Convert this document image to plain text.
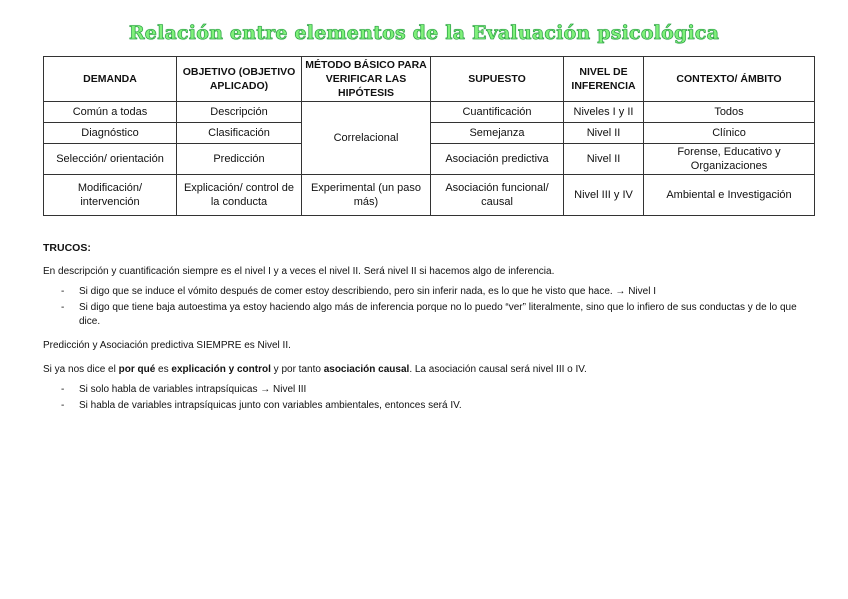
Relación entre elementos de la Evaluación psicológica
DEMANDA	OBJETIVO (OBJETIVO APLICADO)	MÉTODO BÁSICO PARA VERIFICAR LAS HIPÓTESIS	SUPUESTO	NIVEL DE INFERENCIA	CONTEXTO/ ÁMBITO
Común a todas	Descripción	Correlacional	Cuantificación	Niveles I y II	Todos
Diagnóstico	Clasificación		Semejanza	Nivel II	Clínico
Selección/ orientación	Predicción		Asociación predictiva	Nivel II	Forense, Educativo y Organizaciones
Modificación/ intervención	Explicación/ control de la conducta	Experimental (un paso más)	Asociación funcional/ causal	Nivel III y IV	Ambiental e Investigación
TRUCOS:

En descripción y cuantificación siempre es el nivel I y a veces el nivel II. Será nivel II si hacemos algo de inferencia.

- Si digo que se induce el vómito después de comer estoy describiendo, pero sin inferir nada, es lo que he visto que hace. → Nivel I
- Si digo que tiene baja autoestima ya estoy haciendo algo más de inferencia porque no lo puedo “ver” literalmente, sino que lo infiero de sus conductas y de lo que dice.

Predicción y Asociación predictiva SIEMPRE es Nivel II.

Si ya nos dice el por qué es explicación y control y por tanto asociación causal. La asociación causal será nivel III o IV.

- Si solo habla de variables intrapsíquicas → Nivel III
- Si habla de variables intrapsíquicas junto con variables ambientales, entonces será IV.
